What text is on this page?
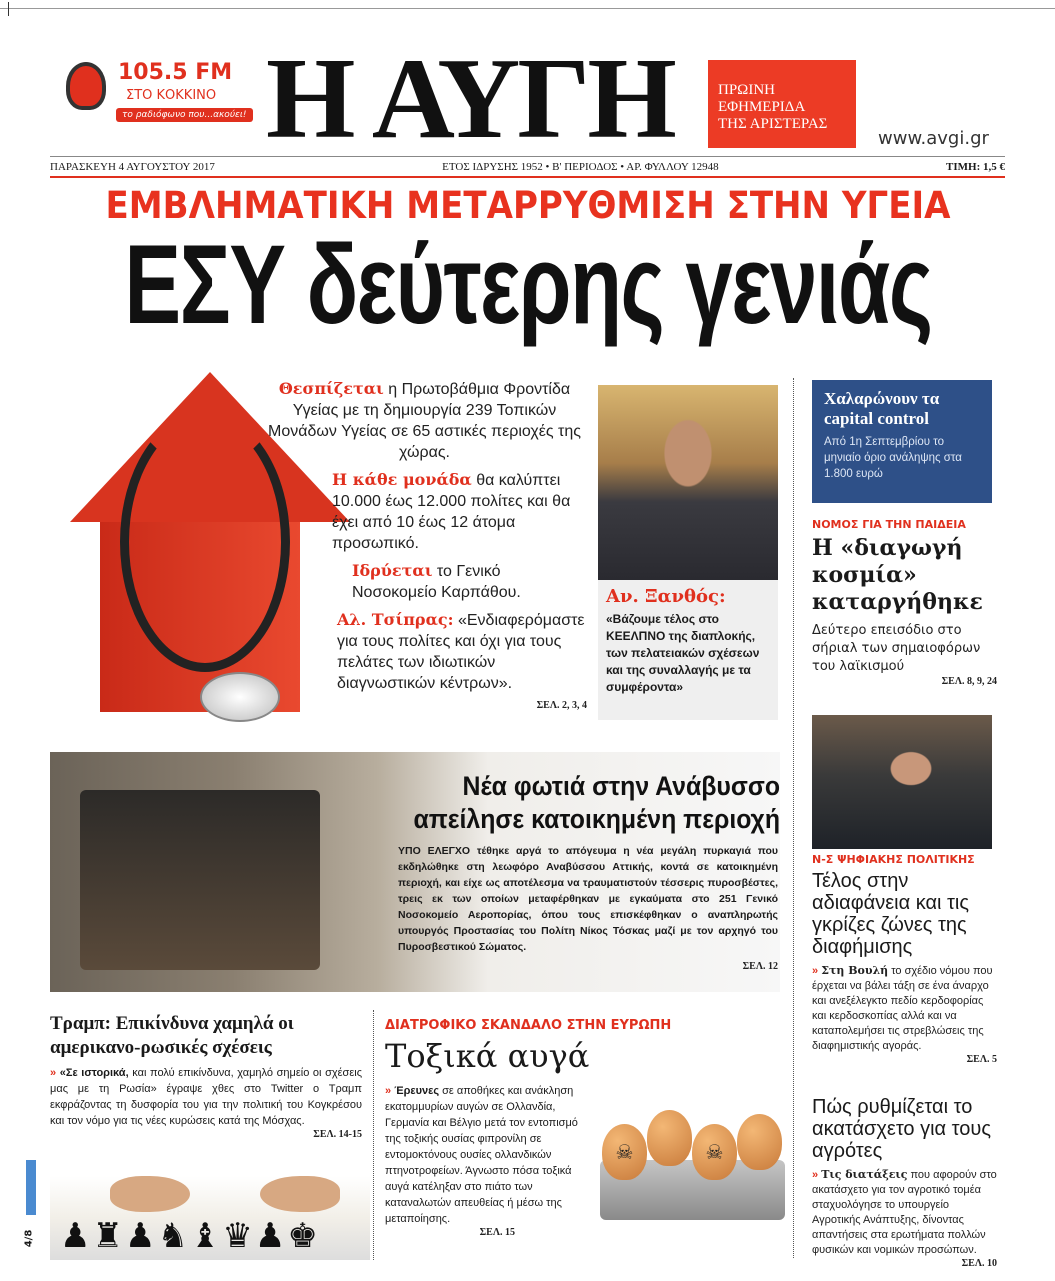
105.5 FM
ΣΤΟ ΚΟΚΚΙΝΟ
το ραδιόφωνο που...ακούει! Η ΑΥΓΗ	ΠΡΩΙΝΗ
ΕΦΗΜΕΡΙΔΑ
ΤΗΣ ΑΡΙΣΤΕΡΑΣ
www.avgi.gr
ΠΑΡΑΣΚΕΥΗ 4 ΑΥΓΟΥΣΤΟΥ 2017	ΕΤΟΣ ΙΔΡΥΣΗΣ 1952 • Β' ΠΕΡΙΟΔΟΣ • ΑΡ. ΦΥΛΛΟΥ 12948	ΤΙΜΗ: 1,5 €
ΕΜΒΛΗΜΑΤΙΚΗ ΜΕΤΑΡΡΥΘΜΙΣΗ ΣΤΗΝ ΥΓΕΙΑ
ΕΣΥ δεύτερης γενιάς

Θεσπίζεται η Πρωτοβάθμια Φροντίδα Υγείας με τη δημιουργία 239 Τοπικών Μονάδων Υγείας σε 65 αστικές περιοχές της χώρας.

Η κάθε μονάδα θα καλύπτει 10.000 έως 12.000 πολίτες και θα έχει από 10 έως 12 άτομα προσωπικό.

Ιδρύεται το Γενικό Νοσοκομείο Καρπάθου.

Αλ. Τσίπρας: «Ενδιαφερόμαστε για τους πολίτες και όχι για τους πελάτες των ιδιωτικών διαγνωστικών κέντρων».

ΣΕΛ. 2, 3, 4
Αν. Ξανθός:
«Βάζουμε τέλος στο ΚΕΕΛΠΝΟ της διαπλοκής, των πελατειακών σχέσεων και της συναλλαγής με τα συμφέροντα»
Χαλαρώνουν τα capital control

Από 1η Σεπτεμβρίου το μηνιαίο όριο ανάληψης στα 1.800 ευρώ

ΝΟΜΟΣ ΓΙΑ ΤΗΝ ΠΑΙΔΕΙΑ
Η «διαγωγή κοσμία» καταργήθηκε
Δεύτερο επεισόδιο στο σήριαλ των σημαιοφόρων του λαϊκισμού
ΣΕΛ. 8, 9, 24
Ν-Σ ΨΗΦΙΑΚΗΣ ΠΟΛΙΤΙΚΗΣ
Τέλος στην αδιαφάνεια και τις γκρίζες ζώνες της διαφήμισης
» Στη Βουλή το σχέδιο νόμου που έρχεται να βάλει τάξη σε ένα άναρχο και ανεξέλεγκτο πεδίο κερδοφορίας και κερδοσκοπίας αλλά και να καταπολεμήσει τις στρεβλώσεις της διαφημιστικής αγοράς.
ΣΕΛ. 5
Πώς ρυθμίζεται το ακατάσχετο για τους αγρότες
» Τις διατάξεις που αφορούν στο ακατάσχετο για τον αγροτικό τομέα σταχυολόγησε το υπουργείο Αγροτικής Ανάπτυξης, δίνοντας απαντήσεις στα ερωτήματα πολλών φυσικών και νομικών προσώπων.
ΣΕΛ. 10
Νέα φωτιά στην Ανάβυσσο
απείλησε κατοικημένη περιοχή
ΥΠΟ ΕΛΕΓΧΟ τέθηκε αργά το απόγευμα η νέα μεγάλη πυρκαγιά που εκδηλώθηκε στη λεωφόρο Αναβύσσου Αττικής, κοντά σε κατοικημένη περιοχή, και είχε ως αποτέλεσμα να τραυματιστούν τέσσερις πυροσβέστες, τρεις εκ των οποίων μεταφέρθηκαν με εγκαύματα στο 251 Γενικό Νοσοκομείο Αεροπορίας, όπου τους επισκέφθηκαν ο αναπληρωτής υπουργός Προστασίας του Πολίτη Νίκος Τόσκας μαζί με τον αρχηγό του Πυροσβεστικού Σώματος.
ΣΕΛ. 12
Τραμπ: Επικίνδυνα χαμηλά οι αμερικανο-ρωσικές σχέσεις

» «Σε ιστορικά, και πολύ επικίνδυνα, χαμηλό σημείο οι σχέσεις μας με τη Ρωσία» έγραψε χθες στο Twitter ο Τραμπ εκφράζοντας τη δυσφορία του για την πολιτική του Κογκρέσου και τον νόμο για τις νέες κυρώσεις κατά της Μόσχας.

ΣΕΛ. 14-15
♟♜♟♞♝♛♟♚
4/8
ΔΙΑΤΡΟΦΙΚΟ ΣΚΑΝΔΑΛΟ ΣΤΗΝ ΕΥΡΩΠΗ
Τοξικά αυγά

» Έρευνες σε αποθήκες και ανάκληση εκατομμυρίων αυγών σε Ολλανδία, Γερμανία και Βέλγιο μετά τον εντοπισμό της τοξικής ουσίας φιπρονίλη σε εντομοκτόνους ουσίες ολλανδικών πτηνοτροφείων. Άγνωστο πόσα τοξικά αυγά κατέληξαν στο πιάτο των καταναλωτών απευθείας ή μέσω της μεταποίησης.

ΣΕΛ. 15
☠	☠
